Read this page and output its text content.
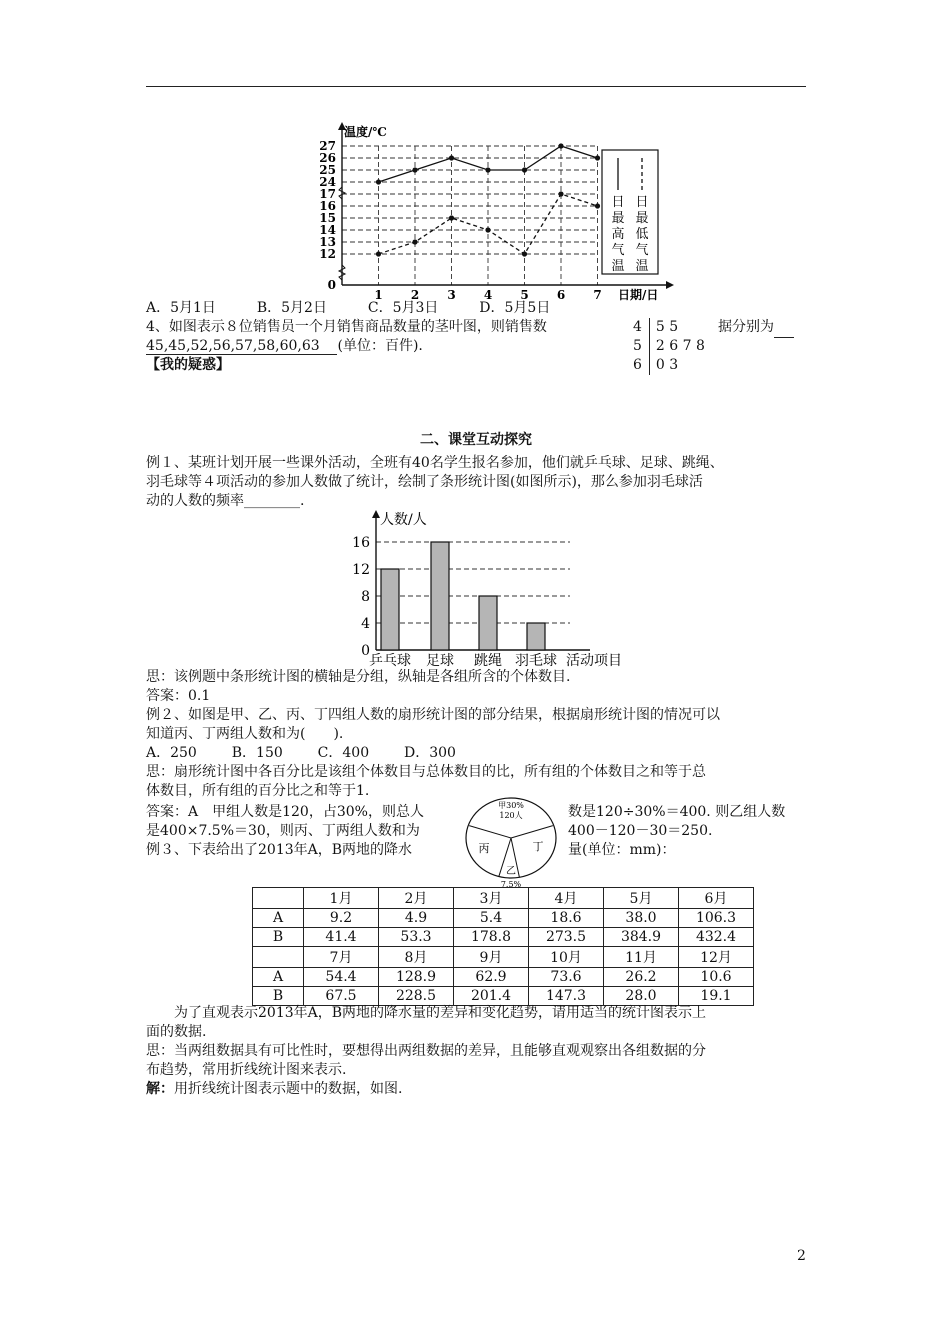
0
12
13
14
15
16
17
24
25
26
27
1 2 3 4 5 6 7
温度/℃
日期/日
日最高气温
日最低气温
A．5月1日	B．5月2日	C．5月3日	D．5月5日
4、如图表示８位销售员一个月销售商品数量的茎叶图，则销售数	据分别为
45,45,52,56,57,58,60,63 (单位：百件).
4 5 5
5 2 6 7 8
6 0 3
【我的疑惑】
二、课堂互动探究
例１、某班计划开展一些课外活动，全班有40名学生报名参加，他们就乒乓球、足球、跳绳、
羽毛球等４项活动的参加人数做了统计，绘制了条形统计图(如图所示)，那么参加羽毛球活
动的人数的频率________.
0
4
8
12
16
人数/人
乒乓球 足球 跳绳 羽毛球 活动项目
思：该例题中条形统计图的横轴是分组，纵轴是各组所含的个体数目.
答案：0.1
例２、如图是甲、乙、丙、丁四组人数的扇形统计图的部分结果，根据扇形统计图的情况可以
知道丙、丁两组人数和为(　　).
A．250 B．150 C．400 D．300
思：扇形统计图中各百分比是该组个体数目与总体数目的比，所有组的个体数目之和等于总
体数目，所有组的百分比之和等于1.
答案：A　甲组人数是120，占30%，则总人
是400×7.5%＝30，则丙、丁两组人数和为
数是120÷30%＝400. 则乙组人数
400－120－30＝250.
甲30%
120人
乙
7.5%
丙	丁
例３、下表给出了2013年A，B两地的降水	量(单位：mm)：
	1月	2月	3月	4月	5月	6月
A	9.2	4.9	5.4	18.6	38.0	106.3
B	41.4	53.3	178.8	273.5	384.9	432.4
	7月	8月	9月	10月	11月	12月
A	54.4	128.9	62.9	73.6	26.2	10.6
B	67.5	228.5	201.4	147.3	28.0	19.1
　　为了直观表示2013年A，B两地的降水量的差异和变化趋势，请用适当的统计图表示上
面的数据.
思：当两组数据具有可比性时，要想得出两组数据的差异，且能够直观观察出各组数据的分
布趋势，常用折线统计图来表示.
解：用折线统计图表示题中的数据，如图.
2
